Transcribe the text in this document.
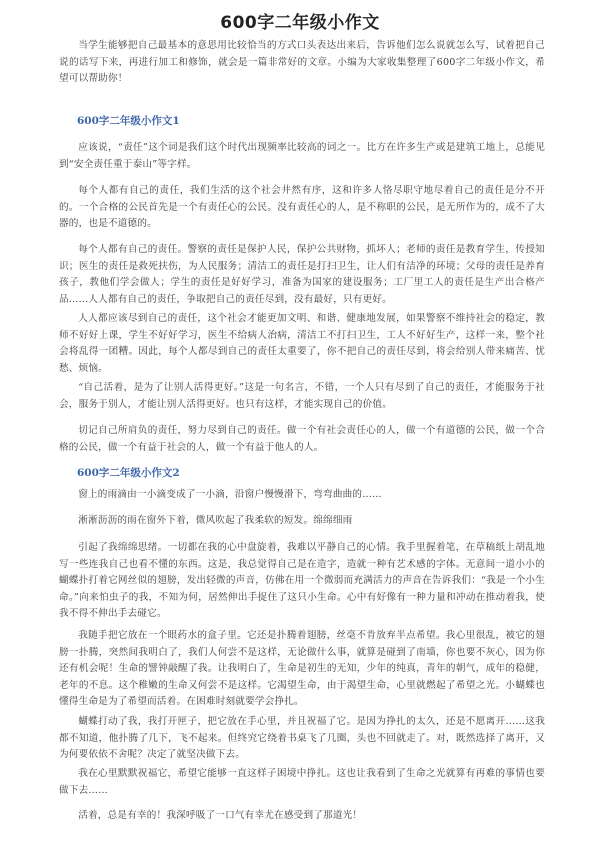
600字二年级小作文

当学生能够把自己最基本的意思用比较恰当的方式口头表达出来后，告诉他们怎么说就怎么写，试着把自己说的话写下来，再进行加工和修饰，就会是一篇非常好的文章。小编为大家收集整理了600字二年级小作文，希望可以帮助你！

600字二年级小作文1

应该说，“责任”这个词是我们这个时代出现频率比较高的词之一。比方在许多生产或是建筑工地上，总能见到“安全责任重于泰山”等字样。

每个人都有自己的责任，我们生活的这个社会井然有序，这和许多人恪尽职守地尽着自己的责任是分不开的。一个合格的公民首先是一个有责任心的公民。没有责任心的人，是不称职的公民，是无所作为的，成不了大器的，也是不道德的。

每个人都有自己的责任。警察的责任是保护人民，保护公共财物，抓坏人；老师的责任是教育学生，传授知识；医生的责任是救死扶伤，为人民服务；清洁工的责任是打扫卫生，让人们有洁净的环境；父母的责任是养育孩子，教他们学会做人；学生的责任是好好学习，准备为国家的建设服务；工厂里工人的责任是生产出合格产品……人人都有自己的责任，争取把自己的责任尽到，没有最好，只有更好。

人人都应该尽到自己的责任，这个社会才能更加文明、和谐、健康地发展，如果警察不维持社会的稳定，教师不好好上课，学生不好好学习，医生不给病人治病，清洁工不打扫卫生，工人不好好生产，这样一来，整个社会将乱得一团糟。因此，每个人都尽到自己的责任太重要了，你不把自己的责任尽到，将会给别人带来痛苦、忧愁、烦恼。

“自己活着，是为了让别人活得更好。”这是一句名言，不错，一个人只有尽到了自己的责任，才能服务于社会，服务于别人，才能让别人活得更好。也只有这样，才能实现自己的价值。

切记自己所肩负的责任，努力尽到自己的责任。做一个有社会责任心的人，做一个有道德的公民，做一个合格的公民，做一个有益于社会的人，做一个有益于他人的人。

600字二年级小作文2

窗上的雨滴由一小滴变成了一小滴，沿窗户慢慢滑下，弯弯曲曲的……

淅淅沥沥的雨在窗外下着，微风吹起了我柔软的短发。绵绵细雨

引起了我绵绵思绪。一切都在我的心中盘旋着，我难以平静自己的心情。我手里握着笔，在草稿纸上胡乱地写一些连我自己也看不懂的东西。这是，我总觉得自己是在造字，造就一种有艺术感的字体。无意间一道小小的蝴蝶扑打着它网丝似的翅膀，发出轻微的声音，仿佛在用一个微弱而充满活力的声音在告诉我们：“我是一个小生命。”向来怕虫子的我，不知为何，居然伸出手捉住了这只小生命。心中有好像有一种力量和冲动在推动着我，使我不得不伸出手去碰它。

我随手把它放在一个眼药水的盒子里。它还是扑腾着翅膀，丝毫不肯放弃半点希望。我心里很乱，被它的翅膀一扑腾，突然间我明白了，我们人何尝不是这样，无论做什么事，就算是碰到了南墙，你也要不灰心，因为你还有机会呢！生命的譬钟敲醒了我。让我明白了，生命是初生的无知，少年的纯真，青年的朝气，成年的稳健，老年的不息。这个稚嫩的生命又何尝不是这样。它渴望生命，由于渴望生命，心里就燃起了希望之光。小蝴蝶也懂得生命是为了希望而活着。在困难时刻就要学会挣扎。

蝴蝶打动了我，我打开匣子，把它放在手心里，并且祝福了它。是因为挣扎的太久，还是不愿离开……这我都不知道，他扑腾了几下，飞不起来。但终究它绕着书桌飞了几圈，头也不回就走了。对，既然选择了离开，又为何要依依不舍呢？决定了就坚决做下去。

我在心里默默祝福它，希望它能够一直这样子困境中挣扎。这也让我看到了生命之光就算有再难的事情也要做下去……

活着，总是有幸的！我深呼吸了一口气有幸尤在感受到了那道光！
